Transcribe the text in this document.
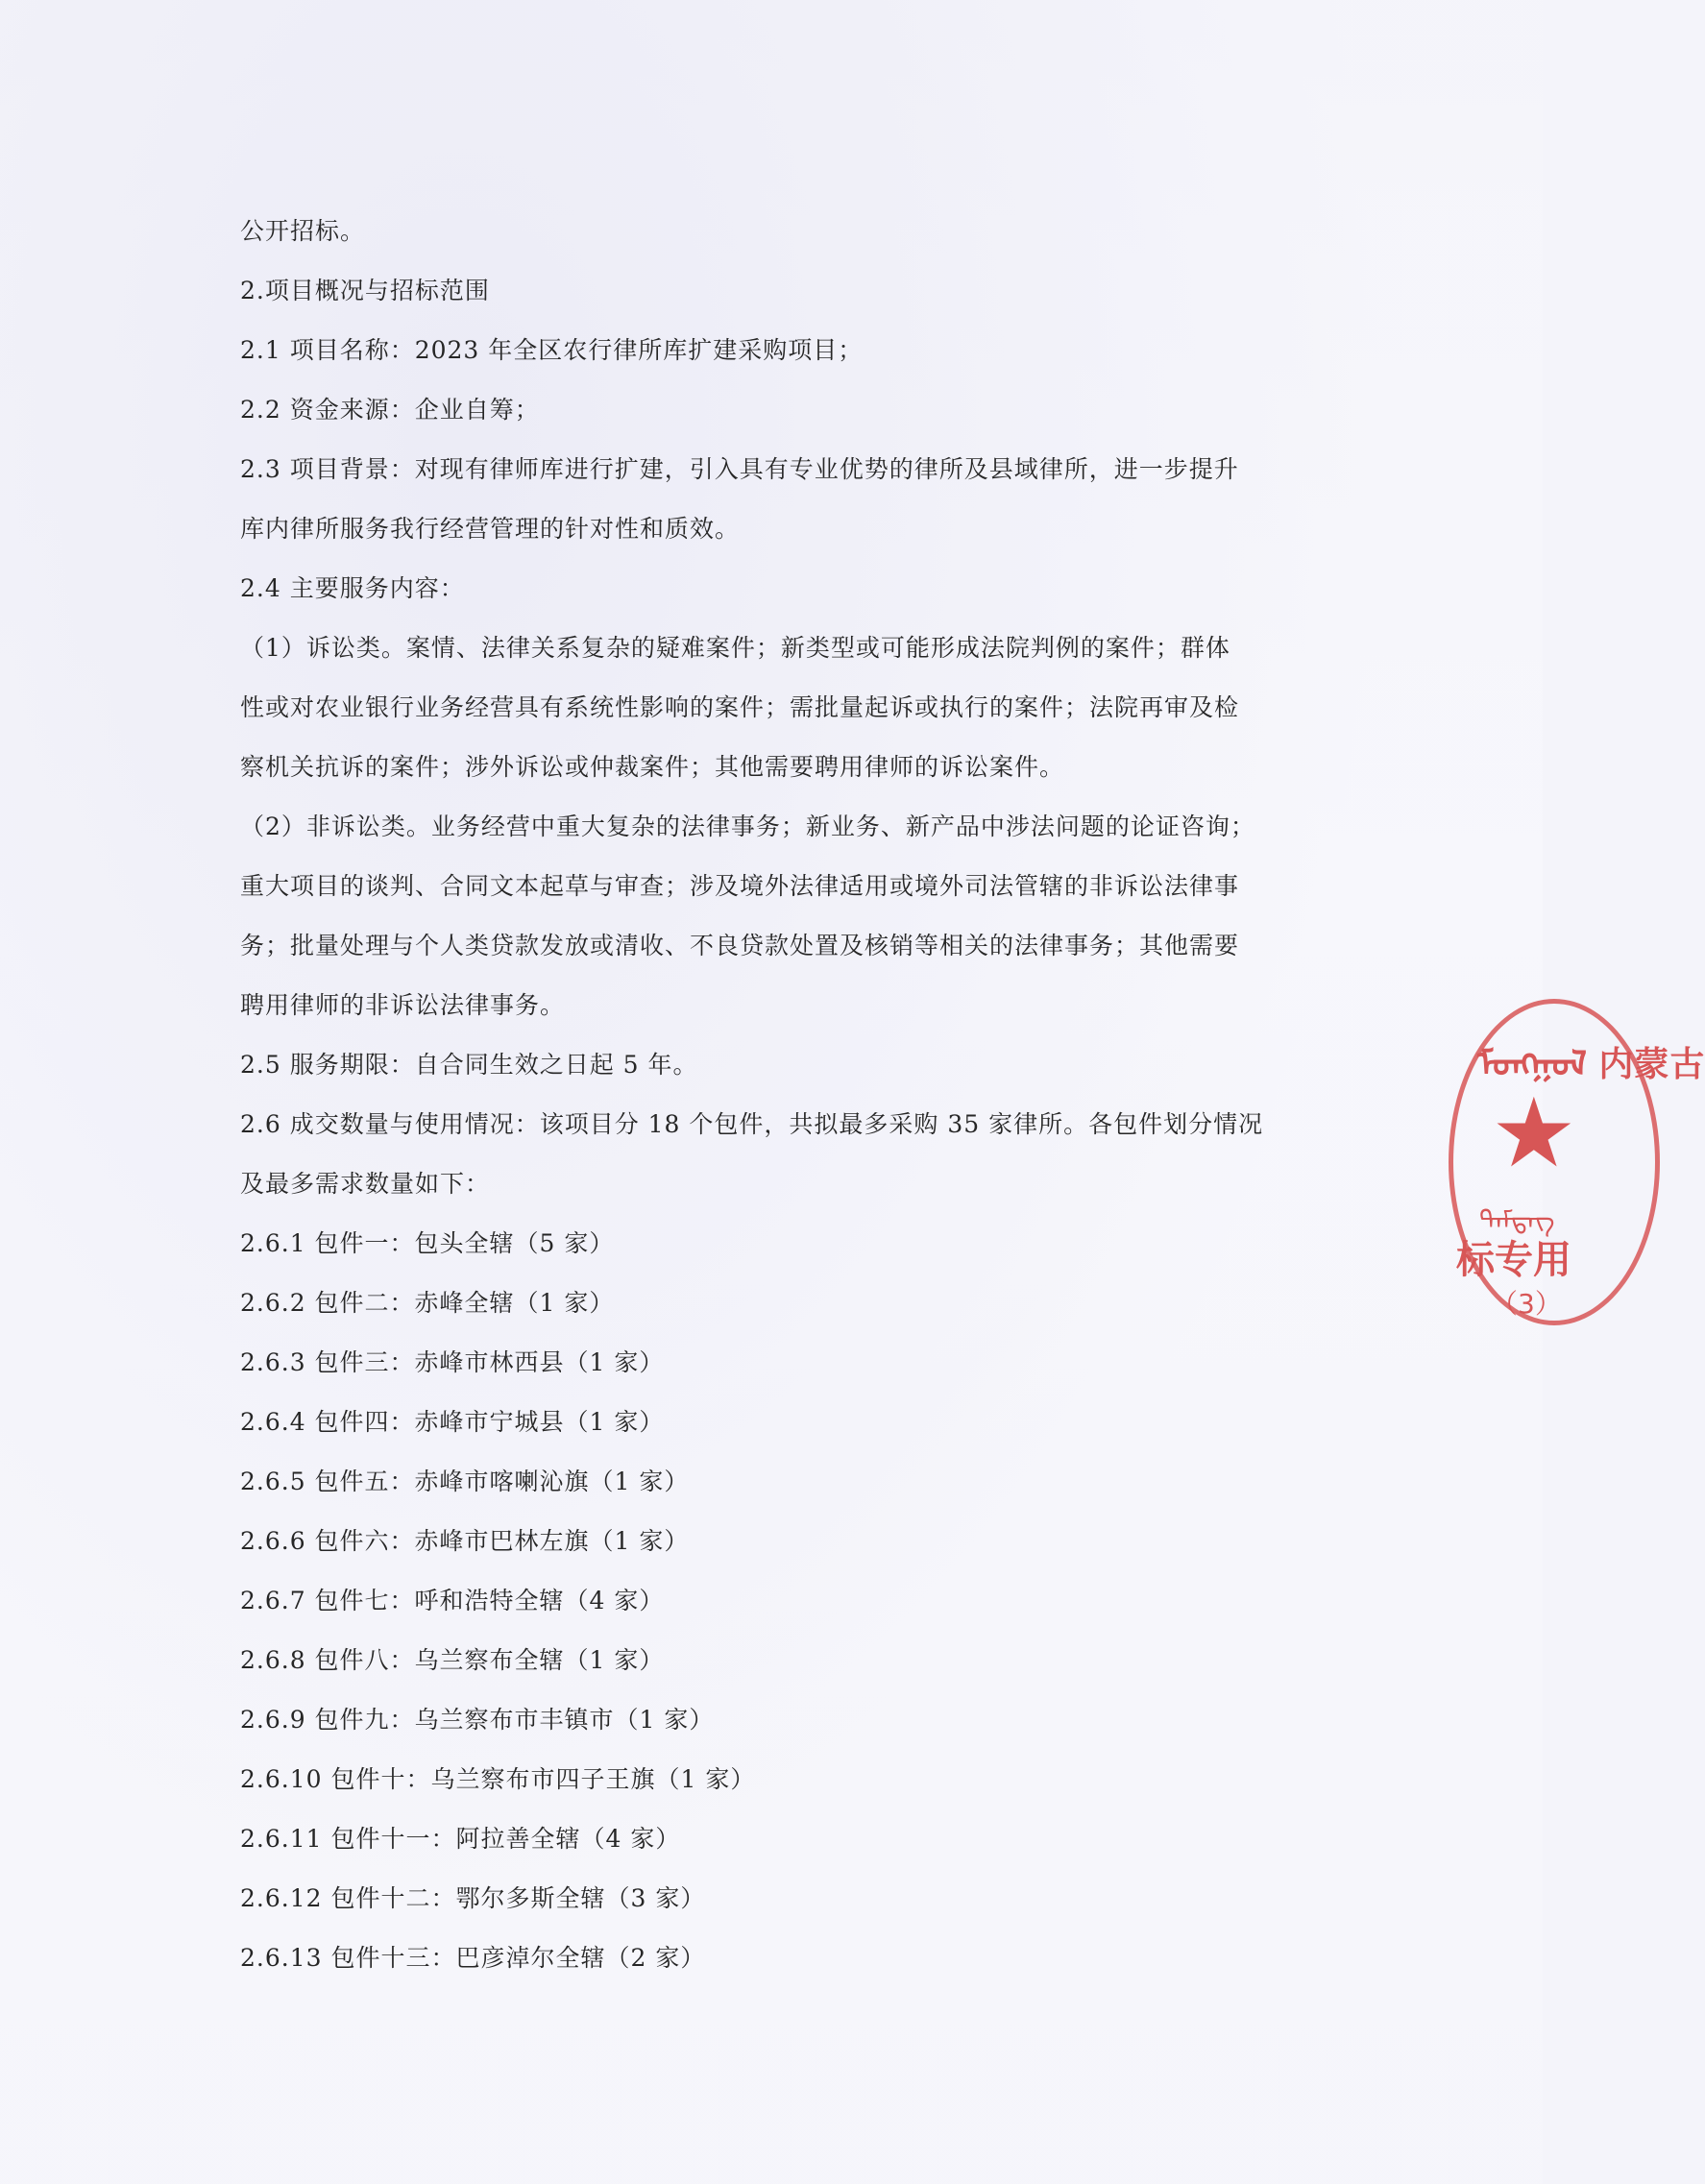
公开招标。

2.项目概况与招标范围

2.1 项目名称：2023 年全区农行律所库扩建采购项目；

2.2 资金来源：企业自筹；

2.3 项目背景：对现有律师库进行扩建，引入具有专业优势的律所及县域律所，进一步提升

库内律所服务我行经营管理的针对性和质效。

2.4 主要服务内容：

（1）诉讼类。案情、法律关系复杂的疑难案件；新类型或可能形成法院判例的案件；群体

性或对农业银行业务经营具有系统性影响的案件；需批量起诉或执行的案件；法院再审及检

察机关抗诉的案件；涉外诉讼或仲裁案件；其他需要聘用律师的诉讼案件。

（2）非诉讼类。业务经营中重大复杂的法律事务；新业务、新产品中涉法问题的论证咨询；

重大项目的谈判、合同文本起草与审查；涉及境外法律适用或境外司法管辖的非诉讼法律事

务；批量处理与个人类贷款发放或清收、不良贷款处置及核销等相关的法律事务；其他需要

聘用律师的非诉讼法律事务。

2.5 服务期限：自合同生效之日起 5 年。

2.6 成交数量与使用情况：该项目分 18 个包件，共拟最多采购 35 家律所。各包件划分情况

及最多需求数量如下：

2.6.1 包件一：包头全辖（5 家）

2.6.2 包件二：赤峰全辖（1 家）

2.6.3 包件三：赤峰市林西县（1 家）

2.6.4 包件四：赤峰市宁城县（1 家）

2.6.5 包件五：赤峰市喀喇沁旗（1 家）

2.6.6 包件六：赤峰市巴林左旗（1 家）

2.6.7 包件七：呼和浩特全辖（4 家）

2.6.8 包件八：乌兰察布全辖（1 家）

2.6.9 包件九：乌兰察布市丰镇市（1 家）

2.6.10 包件十：乌兰察布市四子王旗（1 家）

2.6.11 包件十一：阿拉善全辖（4 家）

2.6.12 包件十二：鄂尔多斯全辖（3 家）

2.6.13 包件十三：巴彦淖尔全辖（2 家）

ᠮᠣᠩᠭᠣᠯ 内蒙古
★
ᠲᠡᠮᠳᠡᠭ
标专用
（3）
